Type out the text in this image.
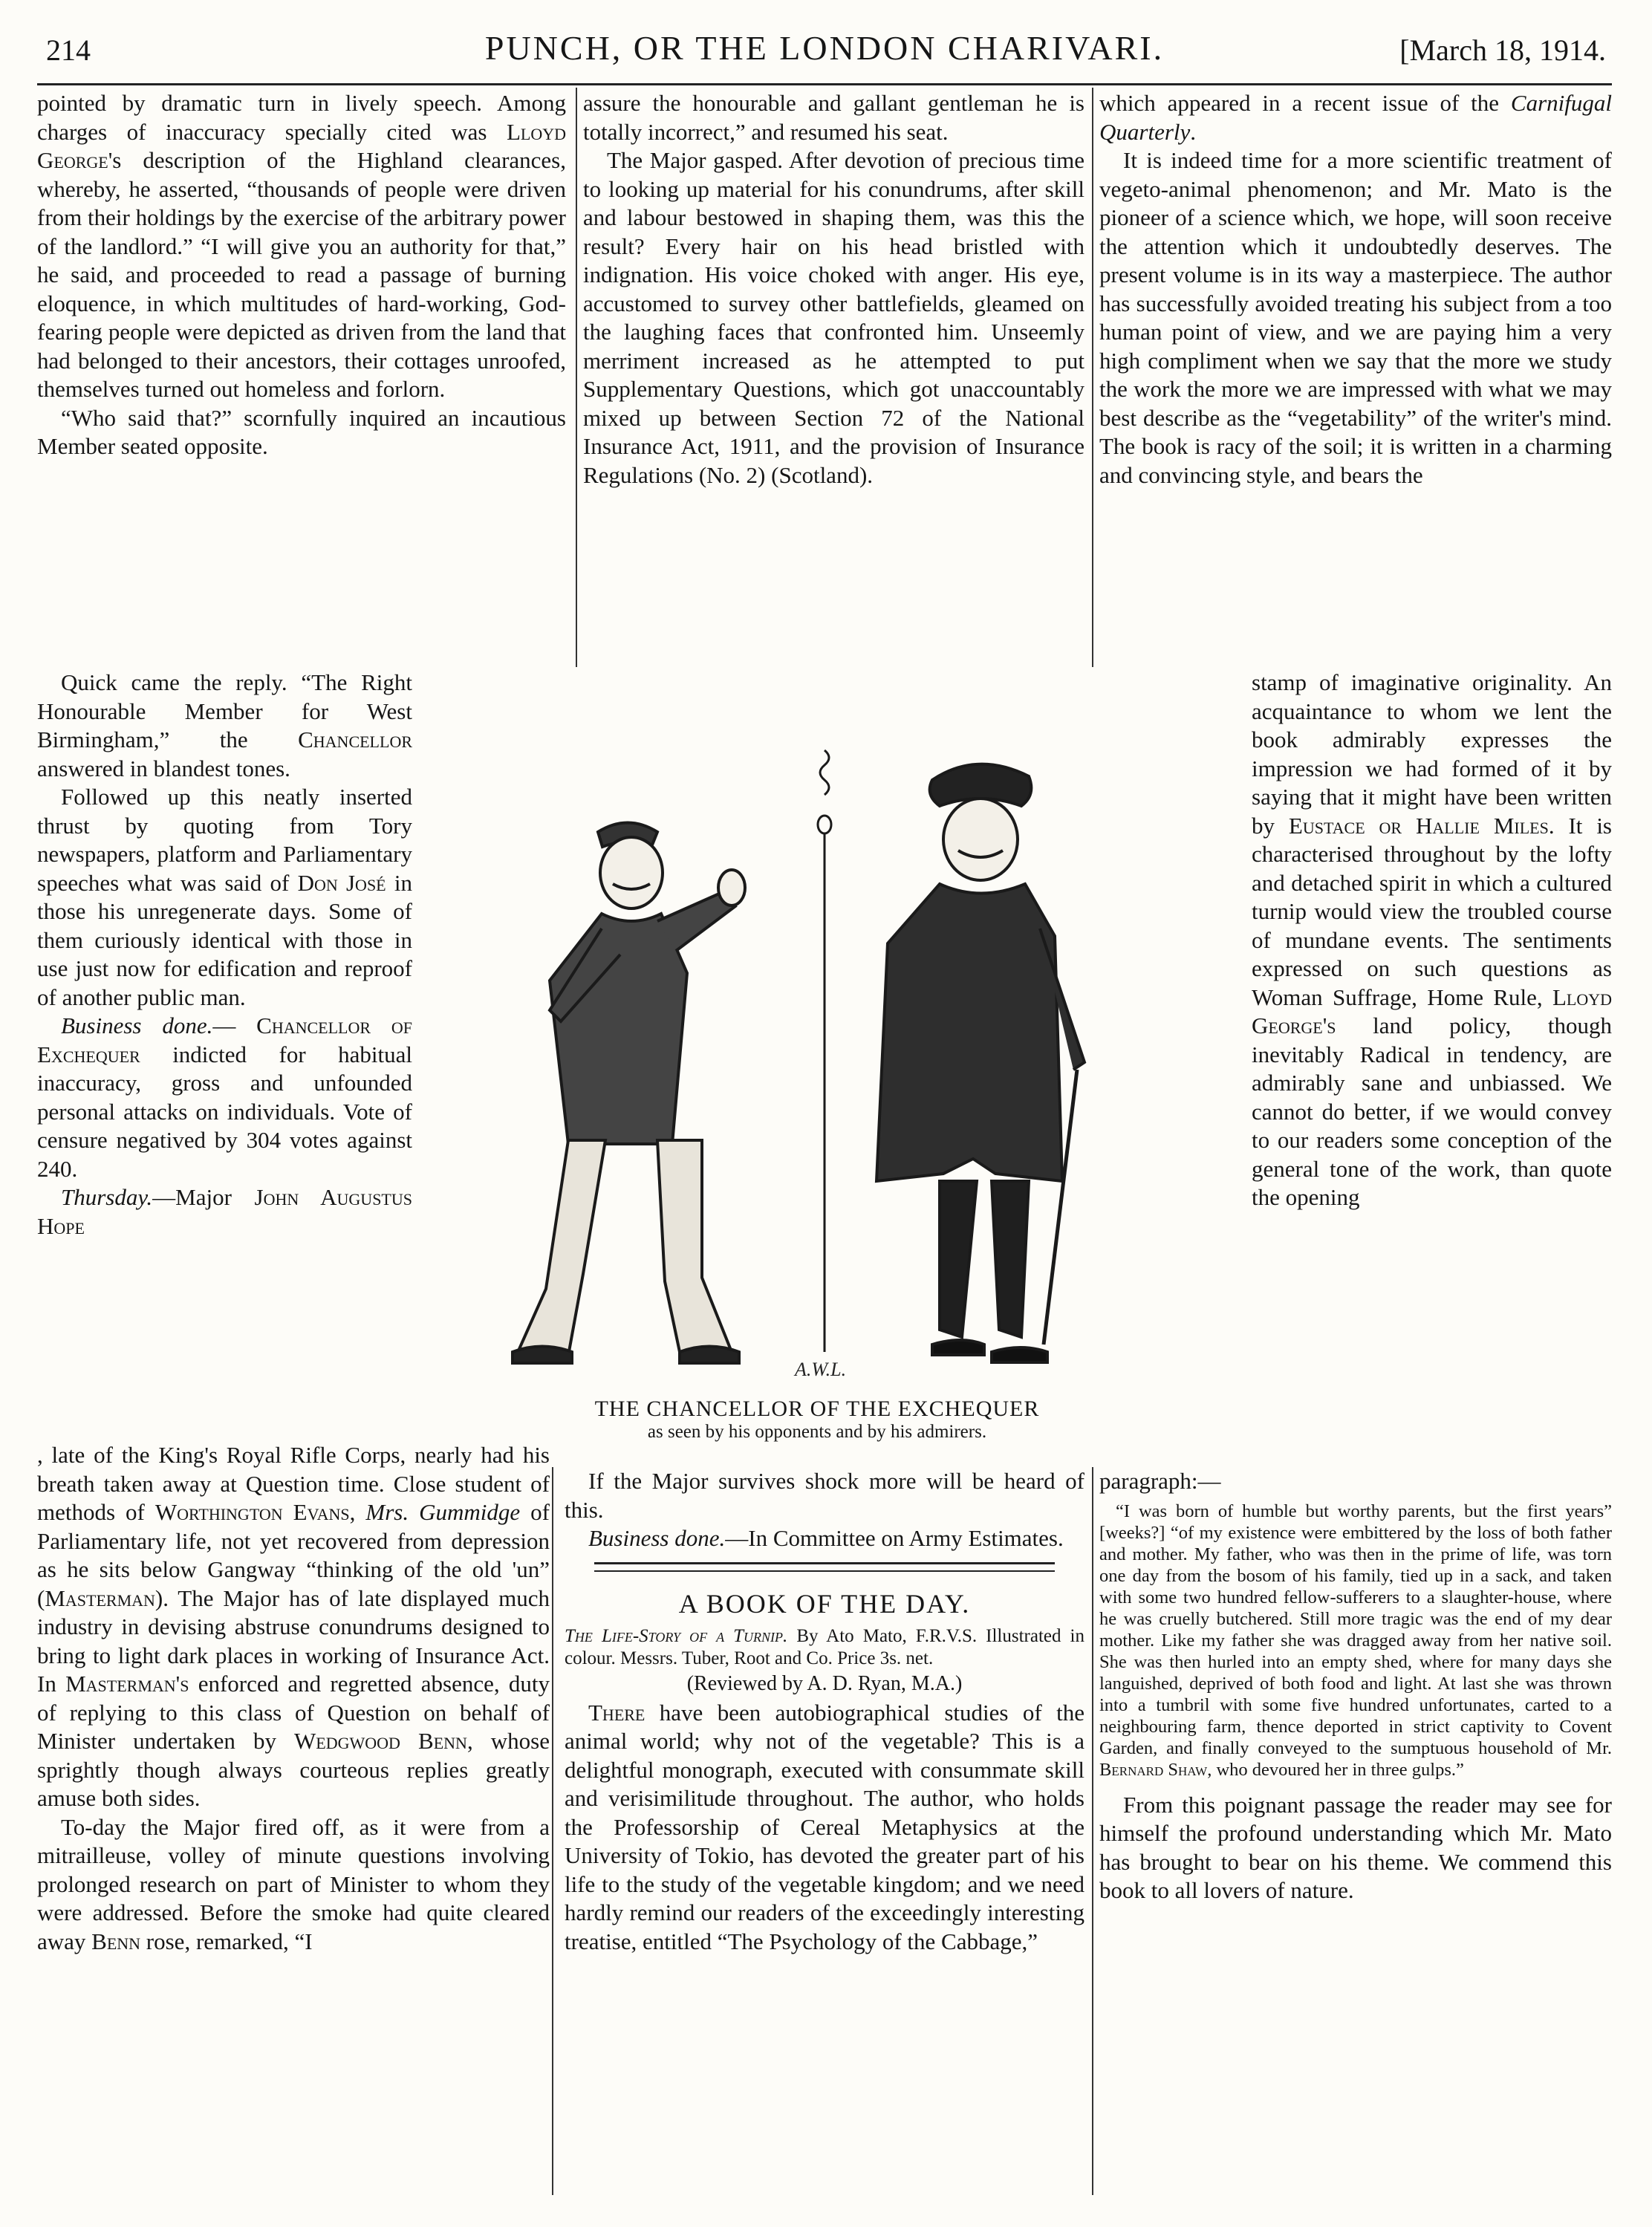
214	PUNCH, OR THE LONDON CHARIVARI.	[March 18, 1914.

pointed by dramatic turn in lively speech. Among charges of inaccuracy specially cited was Lloyd George's description of the Highland clearances, whereby, he asserted, “thousands of people were driven from their holdings by the exercise of the arbitrary power of the landlord.” “I will give you an authority for that,” he said, and proceeded to read a passage of burning eloquence, in which multitudes of hard-working, God-fearing people were depicted as driven from the land that had belonged to their ancestors, their cottages unroofed, themselves turned out homeless and forlorn.

“Who said that?” scornfully inquired an incautious Member seated opposite.

Quick came the reply. “The Right Honourable Member for West Birmingham,” the Chancellor answered in blandest tones.

Followed up this neatly inserted thrust by quoting from Tory newspapers, platform and Parliamentary speeches what was said of Don José in those his unregenerate days. Some of them curiously identical with those in use just now for edification and reproof of another public man.

Business done.— Chancellor of Exchequer indicted for habitual inaccuracy, gross and unfounded personal attacks on individuals. Vote of censure negatived by 304 votes against 240.

Thursday.—Major John Augustus Hope

, late of the King's Royal Rifle Corps, nearly had his breath taken away at Question time. Close student of methods of Worthington Evans, Mrs. Gummidge of Parliamentary life, not yet recovered from depression as he sits below Gangway “thinking of the old 'un” (Masterman). The Major has of late displayed much industry in devising abstruse conundrums designed to bring to light dark places in working of Insurance Act. In Masterman's enforced and regretted absence, duty of replying to this class of Question on behalf of Minister undertaken by Wedgwood Benn, whose sprightly though always courteous replies greatly amuse both sides.

To-day the Major fired off, as it were from a mitrailleuse, volley of minute questions involving prolonged research on part of Minister to whom they were addressed. Before the smoke had quite cleared away Benn rose, remarked, “I

assure the honourable and gallant gentleman he is totally incorrect,” and resumed his seat.

The Major gasped. After devotion of precious time to looking up material for his conundrums, after skill and labour bestowed in shaping them, was this the result? Every hair on his head bristled with indignation. His voice choked with anger. His eye, accustomed to survey other battlefields, gleamed on the laughing faces that confronted him. Unseemly merriment increased as he attempted to put Supplementary Questions, which got unaccountably mixed up between Section 72 of the National Insurance Act, 1911, and the provision of Insurance Regulations (No. 2) (Scotland).

A.W.L.
THE CHANCELLOR OF THE EXCHEQUER
as seen by his opponents and by his admirers.

If the Major survives shock more will be heard of this.

Business done.—In Committee on Army Estimates.

A BOOK OF THE DAY.

The Life-Story of a Turnip. By Ato Mato, F.R.V.S. Illustrated in colour. Messrs. Tuber, Root and Co. Price 3s. net.

(Reviewed by A. D. Ryan, M.A.)

There have been autobiographical studies of the animal world; why not of the vegetable? This is a delightful monograph, executed with consummate skill and verisimilitude throughout. The author, who holds the Professorship of Cereal Metaphysics at the University of Tokio, has devoted the greater part of his life to the study of the vegetable kingdom; and we need hardly remind our readers of the exceedingly interesting treatise, entitled “The Psychology of the Cabbage,”

which appeared in a recent issue of the Carnifugal Quarterly.

It is indeed time for a more scientific treatment of vegeto-animal phenomenon; and Mr. Mato is the pioneer of a science which, we hope, will soon receive the attention which it undoubtedly deserves. The present volume is in its way a masterpiece. The author has successfully avoided treating his subject from a too human point of view, and we are paying him a very high compliment when we say that the more we study the work the more we are impressed with what we may best describe as the “vegetability” of the writer's mind. The book is racy of the soil; it is written in a charming and convincing style, and bears the

stamp of imaginative originality. An acquaintance to whom we lent the book admirably expresses the impression we had formed of it by saying that it might have been written by Eustace or Hallie Miles. It is characterised throughout by the lofty and detached spirit in which a cultured turnip would view the troubled course of mundane events. The sentiments expressed on such questions as Woman Suffrage, Home Rule, Lloyd George's land policy, though inevitably Radical in tendency, are admirably sane and unbiassed. We cannot do better, if we would convey to our readers some conception of the general tone of the work, than quote the opening

paragraph:—

“I was born of humble but worthy parents, but the first years” [weeks?] “of my existence were embittered by the loss of both father and mother. My father, who was then in the prime of life, was torn one day from the bosom of his family, tied up in a sack, and taken with some two hundred fellow-sufferers to a slaughter-house, where he was cruelly butchered. Still more tragic was the end of my dear mother. Like my father she was dragged away from her native soil. She was then hurled into an empty shed, where for many days she languished, deprived of both food and light. At last she was thrown into a tumbril with some five hundred unfortunates, carted to a neighbouring farm, thence deported in strict captivity to Covent Garden, and finally conveyed to the sumptuous household of Mr. Bernard Shaw, who devoured her in three gulps.”

From this poignant passage the reader may see for himself the profound understanding which Mr. Mato has brought to bear on his theme. We commend this book to all lovers of nature.
